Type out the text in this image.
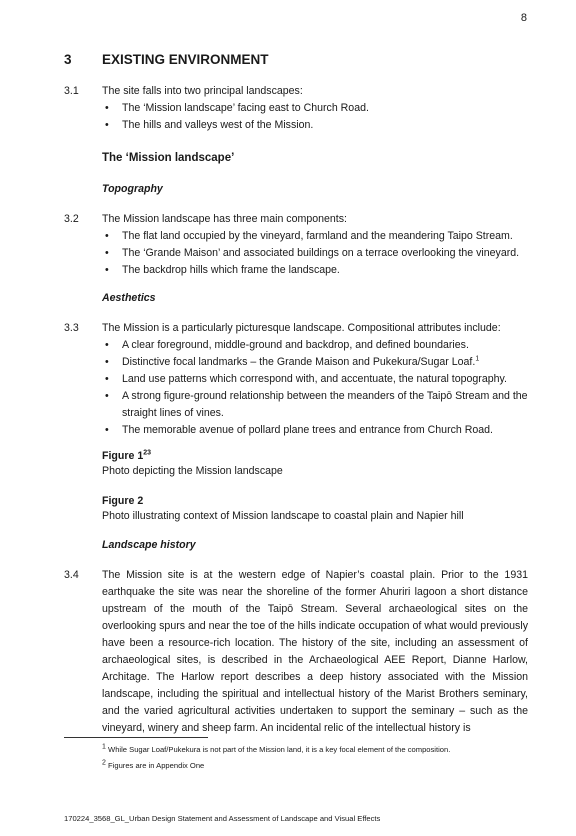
8
3 EXISTING ENVIRONMENT
3.1	The site falls into two principal landscapes:
• The ‘Mission landscape’ facing east to Church Road.
• The hills and valleys west of the Mission.
The ‘Mission landscape’
Topography
3.2	The Mission landscape has three main components:
• The flat land occupied by the vineyard, farmland and the meandering Taipo Stream.
• The ‘Grande Maison’ and associated buildings on a terrace overlooking the vineyard.
• The backdrop hills which frame the landscape.
Aesthetics
3.3	The Mission is a particularly picturesque landscape. Compositional attributes include:
• A clear foreground, middle-ground and backdrop, and defined boundaries.
• Distinctive focal landmarks – the Grande Maison and Pukekura/Sugar Loaf.$^1$
• Land use patterns which correspond with, and accentuate, the natural topography.
• A strong figure-ground relationship between the meanders of the Taipō Stream and the straight lines of vines.
• The memorable avenue of pollard plane trees and entrance from Church Road.
Figure $1^{23}$
Photo depicting the Mission landscape
Figure 2
Photo illustrating context of Mission landscape to coastal plain and Napier hill
Landscape history
3.4	The Mission site is at the western edge of Napier’s coastal plain. Prior to the 1931 earthquake the site was near the shoreline of the former Ahuriri lagoon a short distance upstream of the mouth of the Taipō Stream. Several archaeological sites on the overlooking spurs and near the toe of the hills indicate occupation of what would previously have been a resource-rich location. The history of the site, including an assessment of archaeological sites, is described in the Archaeological AEE Report, Dianne Harlow, Architage. The Harlow report describes a deep history associated with the Mission landscape, including the spiritual and intellectual history of the Marist Brothers seminary, and the varied agricultural activities undertaken to support the seminary – such as the vineyard, winery and sheep farm. An incidental relic of the intellectual history is
$^1$ While Sugar Loaf/Pukekura is not part of the Mission land, it is a key focal element of the composition.
$^2$ Figures are in Appendix One
170224_3568_GL_Urban Design Statement and Assessment of Landscape and Visual Effects
